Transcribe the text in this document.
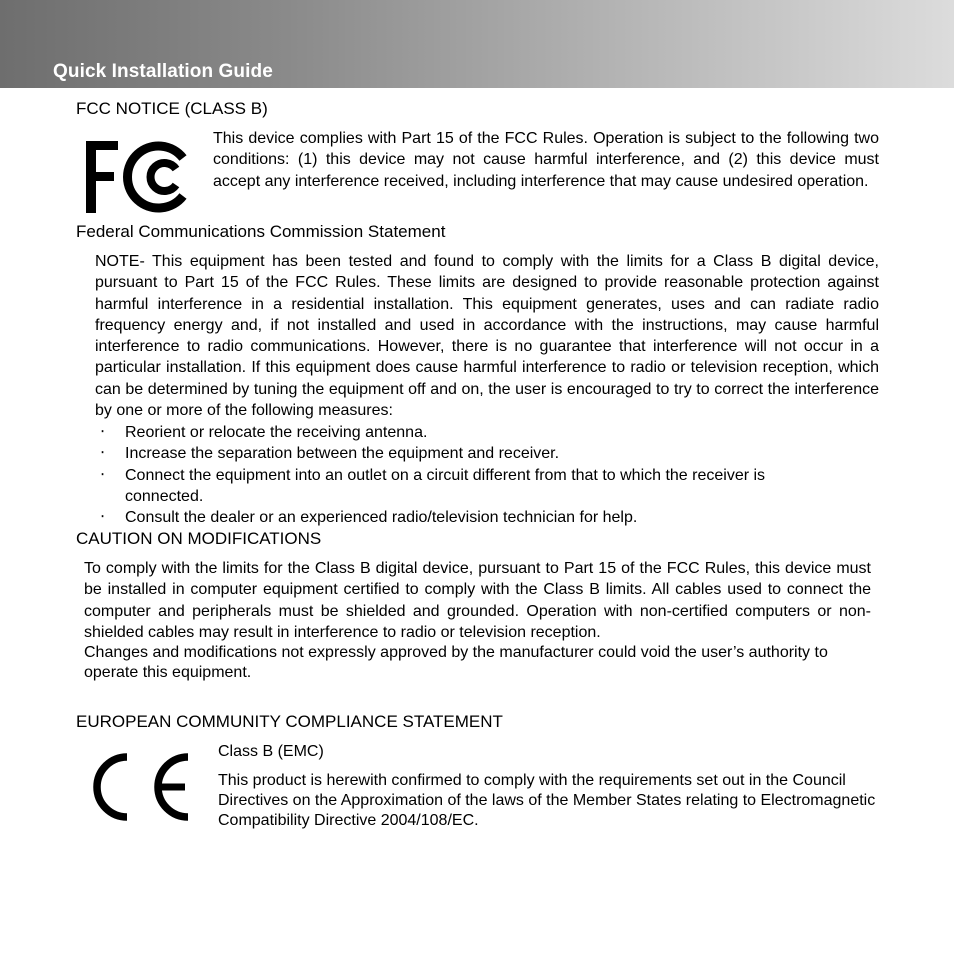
Quick Installation Guide
FCC NOTICE (CLASS B)
This device complies with Part 15 of the FCC Rules. Operation is subject to the following two conditions: (1) this device may not cause harmful interference, and (2) this device must accept any interference received, including interference that may cause undesired operation.
Federal Communications Commission Statement
NOTE- This equipment has been tested and found to comply with the limits for a Class B digital device, pursuant to Part 15 of the FCC Rules. These limits are designed to provide reasonable protection against harmful interference in a residential installation. This equipment generates, uses and can radiate radio frequency energy and, if not installed and used in accordance with the instructions, may cause harmful interference to radio communications. However, there is no guarantee that interference will not occur in a particular installation. If this equipment does cause harmful interference to radio or television reception, which can be determined by tuning the equipment off and on, the user is encouraged to try to correct the interference by one or more of the following measures:
‧ Reorient or relocate the receiving antenna.
‧ Increase the separation between the equipment and receiver.
‧ Connect the equipment into an outlet on a circuit different from that to which the receiver is connected.
‧ Consult the dealer or an experienced radio/television technician for help.
CAUTION ON MODIFICATIONS
To comply with the limits for the Class B digital device, pursuant to Part 15 of the FCC Rules, this device must be installed in computer equipment certified to comply with the Class B limits. All cables used to connect the computer and peripherals must be shielded and grounded. Operation with non-certified computers or non-shielded cables may result in interference to radio or television reception.
Changes and modifications not expressly approved by the manufacturer could void the user’s authority to operate this equipment.
EUROPEAN COMMUNITY COMPLIANCE STATEMENT
Class B (EMC)
This product is herewith confirmed to comply with the requirements set out in the Council Directives on the Approximation of the laws of the Member States relating to Electromagnetic Compatibility Directive 2004/108/EC.
